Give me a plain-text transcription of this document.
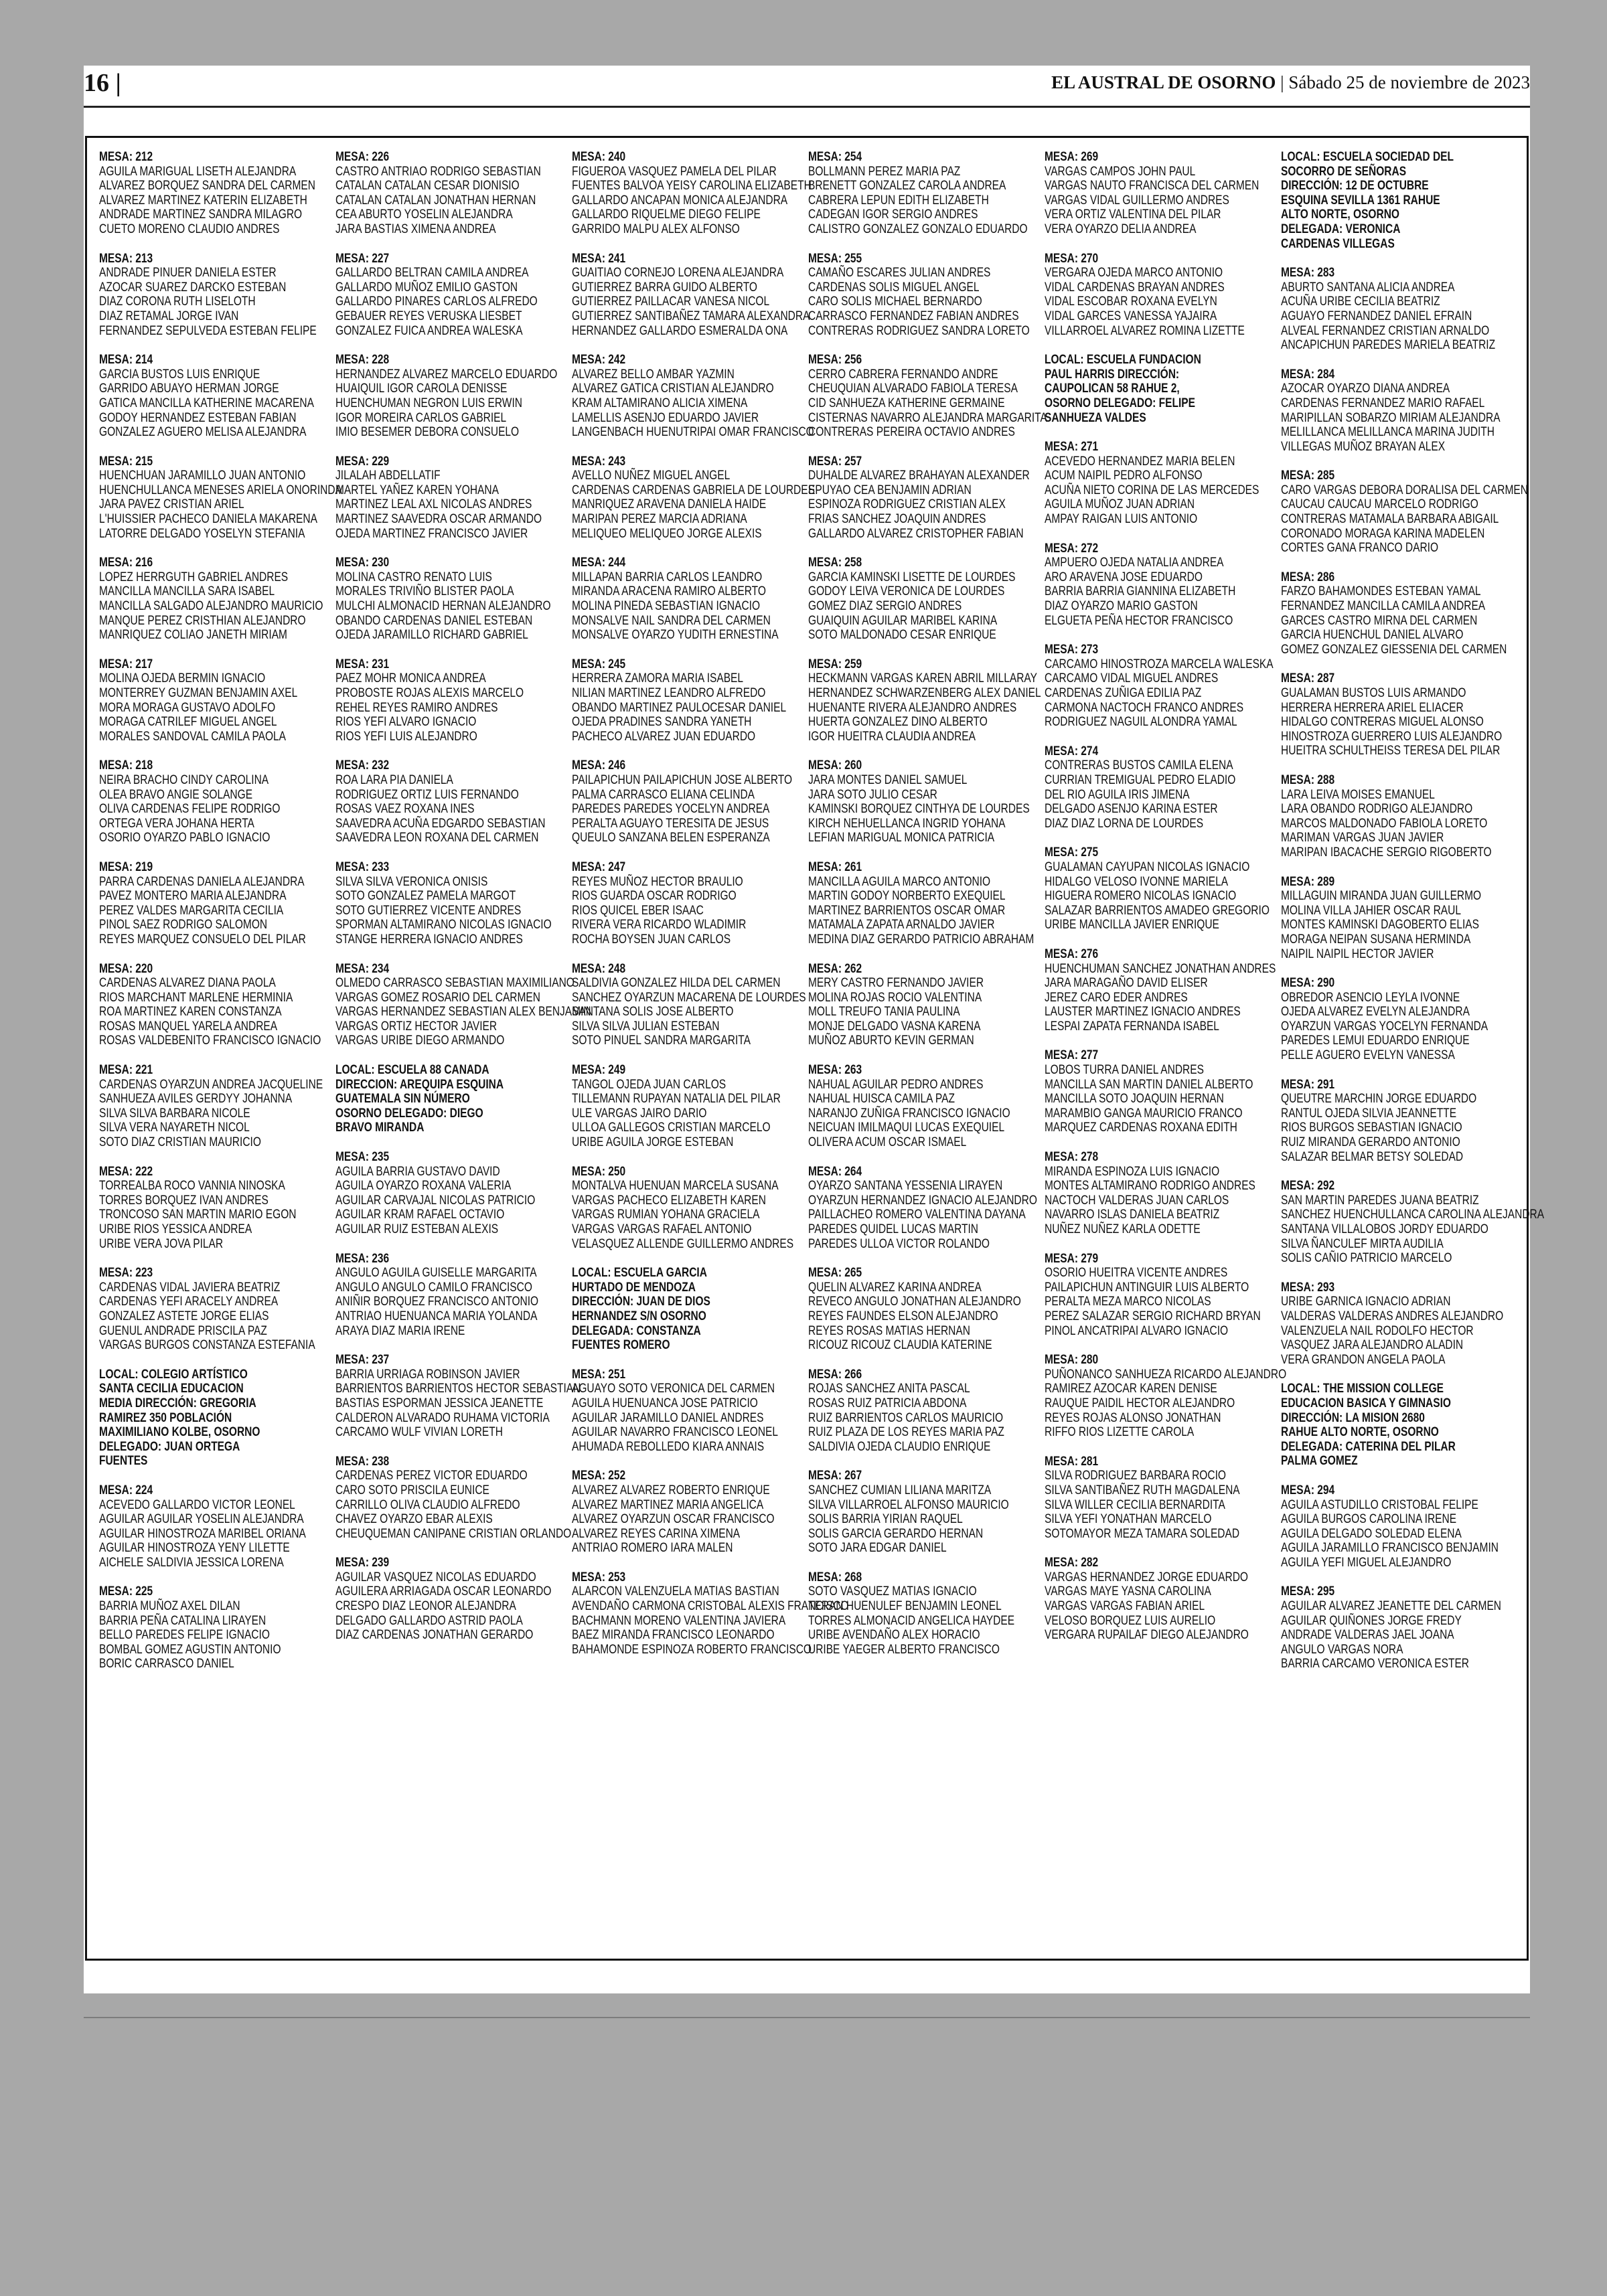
16 |	EL AUSTRAL DE OSORNO | Sábado 25 de noviembre de 2023
MESA: 212
AGUILA MARIGUAL LISETH ALEJANDRA
ALVAREZ BORQUEZ SANDRA DEL CARMEN
ALVAREZ MARTINEZ KATERIN ELIZABETH
ANDRADE MARTINEZ SANDRA MILAGRO
CUETO MORENO CLAUDIO ANDRES
MESA: 213
ANDRADE PINUER DANIELA ESTER
AZOCAR SUAREZ DARCKO ESTEBAN
DIAZ CORONA RUTH LISELOTH
DIAZ RETAMAL JORGE IVAN
FERNANDEZ SEPULVEDA ESTEBAN FELIPE
MESA: 214
GARCIA BUSTOS LUIS ENRIQUE
GARRIDO ABUAYO HERMAN JORGE
GATICA MANCILLA KATHERINE MACARENA
GODOY HERNANDEZ ESTEBAN FABIAN
GONZALEZ AGUERO MELISA ALEJANDRA
MESA: 215
HUENCHUAN JARAMILLO JUAN ANTONIO
HUENCHULLANCA MENESES ARIELA ONORINDA
JARA PAVEZ CRISTIAN ARIEL
L'HUISSIER PACHECO DANIELA MAKARENA
LATORRE DELGADO YOSELYN STEFANIA
MESA: 216
LOPEZ HERRGUTH GABRIEL ANDRES
MANCILLA MANCILLA SARA ISABEL
MANCILLA SALGADO ALEJANDRO MAURICIO
MANQUE PEREZ CRISTHIAN ALEJANDRO
MANRIQUEZ COLIAO JANETH MIRIAM
MESA: 217
MOLINA OJEDA BERMIN IGNACIO
MONTERREY GUZMAN BENJAMIN AXEL
MORA MORAGA GUSTAVO ADOLFO
MORAGA CATRILEF MIGUEL ANGEL
MORALES SANDOVAL CAMILA PAOLA
MESA: 218
NEIRA BRACHO CINDY CAROLINA
OLEA BRAVO ANGIE SOLANGE
OLIVA CARDENAS FELIPE RODRIGO
ORTEGA VERA JOHANA HERTA
OSORIO OYARZO PABLO IGNACIO
MESA: 219
PARRA CARDENAS DANIELA ALEJANDRA
PAVEZ MONTERO MARIA ALEJANDRA
PEREZ VALDES MARGARITA CECILIA
PINOL SAEZ RODRIGO SALOMON
REYES MARQUEZ CONSUELO DEL PILAR
MESA: 220
CARDENAS ALVAREZ DIANA PAOLA
RIOS MARCHANT MARLENE HERMINIA
ROA MARTINEZ KAREN CONSTANZA
ROSAS MANQUEL YARELA ANDREA
ROSAS VALDEBENITO FRANCISCO IGNACIO
MESA: 221
CARDENAS OYARZUN ANDREA JACQUELINE
SANHUEZA AVILES GERDYY JOHANNA
SILVA SILVA BARBARA NICOLE
SILVA VERA NAYARETH NICOL
SOTO DIAZ CRISTIAN MAURICIO
MESA: 222
TORREALBA ROCO VANNIA NINOSKA
TORRES BORQUEZ IVAN ANDRES
TRONCOSO SAN MARTIN MARIO EGON
URIBE RIOS YESSICA ANDREA
URIBE VERA JOVA PILAR
MESA: 223
CARDENAS VIDAL JAVIERA BEATRIZ
CARDENAS YEFI ARACELY ANDREA
GONZALEZ ASTETE JORGE ELIAS
GUENUL ANDRADE PRISCILA PAZ
VARGAS BURGOS CONSTANZA ESTEFANIA
LOCAL: COLEGIO ARTÍSTICO SANTA CECILIA EDUCACION MEDIA DIRECCIÓN: GREGORIA RAMIREZ 350 POBLACIÓN MAXIMILIANO KOLBE, OSORNO DELEGADO: JUAN ORTEGA FUENTES
MESA: 224
ACEVEDO GALLARDO VICTOR LEONEL
AGUILAR AGUILAR YOSELIN ALEJANDRA
AGUILAR HINOSTROZA MARIBEL ORIANA
AGUILAR HINOSTROZA YENY LILETTE
AICHELE SALDIVIA JESSICA LORENA
MESA: 225
BARRIA MUÑOZ AXEL DILAN
BARRIA PEÑA CATALINA LIRAYEN
BELLO PAREDES FELIPE IGNACIO
BOMBAL GOMEZ AGUSTIN ANTONIO
BORIC CARRASCO DANIEL
MESA: 226
CASTRO ANTRIAO RODRIGO SEBASTIAN
CATALAN CATALAN CESAR DIONISIO
CATALAN CATALAN JONATHAN HERNAN
CEA ABURTO YOSELIN ALEJANDRA
JARA BASTIAS XIMENA ANDREA
MESA: 227
GALLARDO BELTRAN CAMILA ANDREA
GALLARDO MUÑOZ EMILIO GASTON
GALLARDO PINARES CARLOS ALFREDO
GEBAUER REYES VERUSKA LIESBET
GONZALEZ FUICA ANDREA WALESKA
MESA: 228
HERNANDEZ ALVAREZ MARCELO EDUARDO
HUAIQUIL IGOR CAROLA DENISSE
HUENCHUMAN NEGRON LUIS ERWIN
IGOR MOREIRA CARLOS GABRIEL
IMIO BESEMER DEBORA CONSUELO
MESA: 229
JILALAH ABDELLATIF
MARTEL YAÑEZ KAREN YOHANA
MARTINEZ LEAL AXL NICOLAS ANDRES
MARTINEZ SAAVEDRA OSCAR ARMANDO
OJEDA MARTINEZ FRANCISCO JAVIER
MESA: 230
MOLINA CASTRO RENATO LUIS
MORALES TRIVIÑO BLISTER PAOLA
MULCHI ALMONACID HERNAN ALEJANDRO
OBANDO CARDENAS DANIEL ESTEBAN
OJEDA JARAMILLO RICHARD GABRIEL
MESA: 231
PAEZ MOHR MONICA ANDREA
PROBOSTE ROJAS ALEXIS MARCELO
REHEL REYES RAMIRO ANDRES
RIOS YEFI ALVARO IGNACIO
RIOS YEFI LUIS ALEJANDRO
MESA: 232
ROA LARA PIA DANIELA
RODRIGUEZ ORTIZ LUIS FERNANDO
ROSAS VAEZ ROXANA INES
SAAVEDRA ACUÑA EDGARDO SEBASTIAN
SAAVEDRA LEON ROXANA DEL CARMEN
MESA: 233
SILVA SILVA VERONICA ONISIS
SOTO GONZALEZ PAMELA MARGOT
SOTO GUTIERREZ VICENTE ANDRES
SPORMAN ALTAMIRANO NICOLAS IGNACIO
STANGE HERRERA IGNACIO ANDRES
MESA: 234
OLMEDO CARRASCO SEBASTIAN MAXIMILIANO
VARGAS GOMEZ ROSARIO DEL CARMEN
VARGAS HERNANDEZ SEBASTIAN ALEX BENJAMIN
VARGAS ORTIZ HECTOR JAVIER
VARGAS URIBE DIEGO ARMANDO
LOCAL: ESCUELA 88 CANADA DIRECCION: AREQUIPA ESQUINA GUATEMALA SIN NÚMERO OSORNO DELEGADO: DIEGO BRAVO MIRANDA
MESA: 235
AGUILA BARRIA GUSTAVO DAVID
AGUILA OYARZO ROXANA VALERIA
AGUILAR CARVAJAL NICOLAS PATRICIO
AGUILAR KRAM RAFAEL OCTAVIO
AGUILAR RUIZ ESTEBAN ALEXIS
MESA: 236
ANGULO AGUILA GUISELLE MARGARITA
ANGULO ANGULO CAMILO FRANCISCO
ANIÑIR BORQUEZ FRANCISCO ANTONIO
ANTRIAO HUENUANCA MARIA YOLANDA
ARAYA DIAZ MARIA IRENE
MESA: 237
BARRIA URRIAGA ROBINSON JAVIER
BARRIENTOS BARRIENTOS HECTOR SEBASTIAN
BASTIAS ESPORMAN JESSICA JEANETTE
CALDERON ALVARADO RUHAMA VICTORIA
CARCAMO WULF VIVIAN LORETH
MESA: 238
CARDENAS PEREZ VICTOR EDUARDO
CARO SOTO PRISCILA EUNICE
CARRILLO OLIVA CLAUDIO ALFREDO
CHAVEZ OYARZO EBAR ALEXIS
CHEUQUEMAN CANIPANE CRISTIAN ORLANDO
MESA: 239
AGUILAR VASQUEZ NICOLAS EDUARDO
AGUILERA ARRIAGADA OSCAR LEONARDO
CRESPO DIAZ LEONOR ALEJANDRA
DELGADO GALLARDO ASTRID PAOLA
DIAZ CARDENAS JONATHAN GERARDO
MESA: 240
FIGUEROA VASQUEZ PAMELA DEL PILAR
FUENTES BALVOA YEISY CAROLINA ELIZABETH
GALLARDO ANCAPAN MONICA ALEJANDRA
GALLARDO RIQUELME DIEGO FELIPE
GARRIDO MALPU ALEX ALFONSO
MESA: 241
GUAITIAO CORNEJO LORENA ALEJANDRA
GUTIERREZ BARRA GUIDO ALBERTO
GUTIERREZ PAILLACAR VANESA NICOL
GUTIERREZ SANTIBAÑEZ TAMARA ALEXANDRA
HERNANDEZ GALLARDO ESMERALDA ONA
MESA: 242
ALVAREZ BELLO AMBAR YAZMIN
ALVAREZ GATICA CRISTIAN ALEJANDRO
KRAM ALTAMIRANO ALICIA XIMENA
LAMELLIS ASENJO EDUARDO JAVIER
LANGENBACH HUENUTRIPAI OMAR FRANCISCO
MESA: 243
AVELLO NUÑEZ MIGUEL ANGEL
CARDENAS CARDENAS GABRIELA DE LOURDES
MANRIQUEZ ARAVENA DANIELA HAIDE
MARIPAN PEREZ MARCIA ADRIANA
MELIQUEO MELIQUEO JORGE ALEXIS
MESA: 244
MILLAPAN BARRIA CARLOS LEANDRO
MIRANDA ARACENA RAMIRO ALBERTO
MOLINA PINEDA SEBASTIAN IGNACIO
MONSALVE NAIL SANDRA DEL CARMEN
MONSALVE OYARZO YUDITH ERNESTINA
MESA: 245
HERRERA ZAMORA MARIA ISABEL
NILIAN MARTINEZ LEANDRO ALFREDO
OBANDO MARTINEZ PAULOCESAR DANIEL
OJEDA PRADINES SANDRA YANETH
PACHECO ALVAREZ JUAN EDUARDO
MESA: 246
PAILAPICHUN PAILAPICHUN JOSE ALBERTO
PALMA CARRASCO ELIANA CELINDA
PAREDES PAREDES YOCELYN ANDREA
PERALTA AGUAYO TERESITA DE JESUS
QUEULO SANZANA BELEN ESPERANZA
MESA: 247
REYES MUÑOZ HECTOR BRAULIO
RIOS GUARDA OSCAR RODRIGO
RIOS QUICEL EBER ISAAC
RIVERA VERA RICARDO WLADIMIR
ROCHA BOYSEN JUAN CARLOS
MESA: 248
SALDIVIA GONZALEZ HILDA DEL CARMEN
SANCHEZ OYARZUN MACARENA DE LOURDES
SANTANA SOLIS JOSE ALBERTO
SILVA SILVA JULIAN ESTEBAN
SOTO PINUEL SANDRA MARGARITA
MESA: 249
TANGOL OJEDA JUAN CARLOS
TILLEMANN RUPAYAN NATALIA DEL PILAR
ULE VARGAS JAIRO DARIO
ULLOA GALLEGOS CRISTIAN MARCELO
URIBE AGUILA JORGE ESTEBAN
MESA: 250
MONTALVA HUENUAN MARCELA SUSANA
VARGAS PACHECO ELIZABETH KAREN
VARGAS RUMIAN YOHANA GRACIELA
VARGAS VARGAS RAFAEL ANTONIO
VELASQUEZ ALLENDE GUILLERMO ANDRES
LOCAL: ESCUELA GARCIA HURTADO DE MENDOZA DIRECCIÓN: JUAN DE DIOS HERNANDEZ S/N OSORNO DELEGADA: CONSTANZA FUENTES ROMERO
MESA: 251
AGUAYO SOTO VERONICA DEL CARMEN
AGUILA HUENUANCA JOSE PATRICIO
AGUILAR JARAMILLO DANIEL ANDRES
AGUILAR NAVARRO FRANCISCO LEONEL
AHUMADA REBOLLEDO KIARA ANNAIS
MESA: 252
ALVAREZ ALVAREZ ROBERTO ENRIQUE
ALVAREZ MARTINEZ MARIA ANGELICA
ALVAREZ OYARZUN OSCAR FRANCISCO
ALVAREZ REYES CARINA XIMENA
ANTRIAO ROMERO IARA MALEN
MESA: 253
ALARCON VALENZUELA MATIAS BASTIAN
AVENDAÑO CARMONA CRISTOBAL ALEXIS FRANCISCO
BACHMANN MORENO VALENTINA JAVIERA
BAEZ MIRANDA FRANCISCO LEONARDO
BAHAMONDE ESPINOZA ROBERTO FRANCISCO
MESA: 254
BOLLMANN PEREZ MARIA PAZ
BRENETT GONZALEZ CAROLA ANDREA
CABRERA LEPUN EDITH ELIZABETH
CADEGAN IGOR SERGIO ANDRES
CALISTRO GONZALEZ GONZALO EDUARDO
MESA: 255
CAMAÑO ESCARES JULIAN ANDRES
CARDENAS SOLIS MIGUEL ANGEL
CARO SOLIS MICHAEL BERNARDO
CARRASCO FERNANDEZ FABIAN ANDRES
CONTRERAS RODRIGUEZ SANDRA LORETO
MESA: 256
CERRO CABRERA FERNANDO ANDRE
CHEUQUIAN ALVARADO FABIOLA TERESA
CID SANHUEZA KATHERINE GERMAINE
CISTERNAS NAVARRO ALEJANDRA MARGARITA
CONTRERAS PEREIRA OCTAVIO ANDRES
MESA: 257
DUHALDE ALVAREZ BRAHAYAN ALEXANDER
EPUYAO CEA BENJAMIN ADRIAN
ESPINOZA RODRIGUEZ CRISTIAN ALEX
FRIAS SANCHEZ JOAQUIN ANDRES
GALLARDO ALVAREZ CRISTOPHER FABIAN
MESA: 258
GARCIA KAMINSKI LISETTE DE LOURDES
GODOY LEIVA VERONICA DE LOURDES
GOMEZ DIAZ SERGIO ANDRES
GUAIQUIN AGUILAR MARIBEL KARINA
SOTO MALDONADO CESAR ENRIQUE
MESA: 259
HECKMANN VARGAS KAREN ABRIL MILLARAY
HERNANDEZ SCHWARZENBERG ALEX DANIEL
HUENANTE RIVERA ALEJANDRO ANDRES
HUERTA GONZALEZ DINO ALBERTO
IGOR HUEITRA CLAUDIA ANDREA
MESA: 260
JARA MONTES DANIEL SAMUEL
JARA SOTO JULIO CESAR
KAMINSKI BORQUEZ CINTHYA DE LOURDES
KIRCH NEHUELLANCA INGRID YOHANA
LEFIAN MARIGUAL MONICA PATRICIA
MESA: 261
MANCILLA AGUILA MARCO ANTONIO
MARTIN GODOY NORBERTO EXEQUIEL
MARTINEZ BARRIENTOS OSCAR OMAR
MATAMALA ZAPATA ARNALDO JAVIER
MEDINA DIAZ GERARDO PATRICIO ABRAHAM
MESA: 262
MERY CASTRO FERNANDO JAVIER
MOLINA ROJAS ROCIO VALENTINA
MOLL TREUFO TANIA PAULINA
MONJE DELGADO VASNA KARENA
MUÑOZ ABURTO KEVIN GERMAN
MESA: 263
NAHUAL AGUILAR PEDRO ANDRES
NAHUAL HUISCA CAMILA PAZ
NARANJO ZUÑIGA FRANCISCO IGNACIO
NEICUAN IMILMAQUI LUCAS EXEQUIEL
OLIVERA ACUM OSCAR ISMAEL
MESA: 264
OYARZO SANTANA YESSENIA LIRAYEN
OYARZUN HERNANDEZ IGNACIO ALEJANDRO
PAILLACHEO ROMERO VALENTINA DAYANA
PAREDES QUIDEL LUCAS MARTIN
PAREDES ULLOA VICTOR ROLANDO
MESA: 265
QUELIN ALVAREZ KARINA ANDREA
REVECO ANGULO JONATHAN ALEJANDRO
REYES FAUNDES ELSON ALEJANDRO
REYES ROSAS MATIAS HERNAN
RICOUZ RICOUZ CLAUDIA KATERINE
MESA: 266
ROJAS SANCHEZ ANITA PASCAL
ROSAS RUIZ PATRICIA ABDONA
RUIZ BARRIENTOS CARLOS MAURICIO
RUIZ PLAZA DE LOS REYES MARIA PAZ
SALDIVIA OJEDA CLAUDIO ENRIQUE
MESA: 267
SANCHEZ CUMIAN LILIANA MARITZA
SILVA VILLARROEL ALFONSO MAURICIO
SOLIS BARRIA YIRIAN RAQUEL
SOLIS GARCIA GERARDO HERNAN
SOTO JARA EDGAR DANIEL
MESA: 268
SOTO VASQUEZ MATIAS IGNACIO
TERAN HUENULEF BENJAMIN LEONEL
TORRES ALMONACID ANGELICA HAYDEE
URIBE AVENDAÑO ALEX HORACIO
URIBE YAEGER ALBERTO FRANCISCO
MESA: 269
VARGAS CAMPOS JOHN PAUL
VARGAS NAUTO FRANCISCA DEL CARMEN
VARGAS VIDAL GUILLERMO ANDRES
VERA ORTIZ VALENTINA DEL PILAR
VERA OYARZO DELIA ANDREA
MESA: 270
VERGARA OJEDA MARCO ANTONIO
VIDAL CARDENAS BRAYAN ANDRES
VIDAL ESCOBAR ROXANA EVELYN
VIDAL GARCES VANESSA YAJAIRA
VILLARROEL ALVAREZ ROMINA LIZETTE
LOCAL: ESCUELA FUNDACION PAUL HARRIS DIRECCIÓN: CAUPOLICAN 58 RAHUE 2, OSORNO DELEGADO: FELIPE SANHUEZA VALDES
MESA: 271
ACEVEDO HERNANDEZ MARIA BELEN
ACUM NAIPIL PEDRO ALFONSO
ACUÑA NIETO CORINA DE LAS MERCEDES
AGUILA MUÑOZ JUAN ADRIAN
AMPAY RAIGAN LUIS ANTONIO
MESA: 272
AMPUERO OJEDA NATALIA ANDREA
ARO ARAVENA JOSE EDUARDO
BARRIA BARRIA GIANNINA ELIZABETH
DIAZ OYARZO MARIO GASTON
ELGUETA PEÑA HECTOR FRANCISCO
MESA: 273
CARCAMO HINOSTROZA MARCELA WALESKA
CARCAMO VIDAL MIGUEL ANDRES
CARDENAS ZUÑIGA EDILIA PAZ
CARMONA NACTOCH FRANCO ANDRES
RODRIGUEZ NAGUIL ALONDRA YAMAL
MESA: 274
CONTRERAS BUSTOS CAMILA ELENA
CURRIAN TREMIGUAL PEDRO ELADIO
DEL RIO AGUILA IRIS JIMENA
DELGADO ASENJO KARINA ESTER
DIAZ DIAZ LORNA DE LOURDES
MESA: 275
GUALAMAN CAYUPAN NICOLAS IGNACIO
HIDALGO VELOSO IVONNE MARIELA
HIGUERA ROMERO NICOLAS IGNACIO
SALAZAR BARRIENTOS AMADEO GREGORIO
URIBE MANCILLA JAVIER ENRIQUE
MESA: 276
HUENCHUMAN SANCHEZ JONATHAN ANDRES
JARA MARAGAÑO DAVID ELISER
JEREZ CARO EDER ANDRES
LAUSTER MARTINEZ IGNACIO ANDRES
LESPAI ZAPATA FERNANDA ISABEL
MESA: 277
LOBOS TURRA DANIEL ANDRES
MANCILLA SAN MARTIN DANIEL ALBERTO
MANCILLA SOTO JOAQUIN HERNAN
MARAMBIO GANGA MAURICIO FRANCO
MARQUEZ CARDENAS ROXANA EDITH
MESA: 278
MIRANDA ESPINOZA LUIS IGNACIO
MONTES ALTAMIRANO RODRIGO ANDRES
NACTOCH VALDERAS JUAN CARLOS
NAVARRO ISLAS DANIELA BEATRIZ
NUÑEZ NUÑEZ KARLA ODETTE
MESA: 279
OSORIO HUEITRA VICENTE ANDRES
PAILAPICHUN ANTINGUIR LUIS ALBERTO
PERALTA MEZA MARCO NICOLAS
PEREZ SALAZAR SERGIO RICHARD BRYAN
PINOL ANCATRIPAI ALVARO IGNACIO
MESA: 280
PUÑONANCO SANHUEZA RICARDO ALEJANDRO
RAMIREZ AZOCAR KAREN DENISE
RAUQUE PAIDIL HECTOR ALEJANDRO
REYES ROJAS ALONSO JONATHAN
RIFFO RIOS LIZETTE CAROLA
MESA: 281
SILVA RODRIGUEZ BARBARA ROCIO
SILVA SANTIBAÑEZ RUTH MAGDALENA
SILVA WILLER CECILIA BERNARDITA
SILVA YEFI YONATHAN MARCELO
SOTOMAYOR MEZA TAMARA SOLEDAD
MESA: 282
VARGAS HERNANDEZ JORGE EDUARDO
VARGAS MAYE YASNA CAROLINA
VARGAS VARGAS FABIAN ARIEL
VELOSO BORQUEZ LUIS AURELIO
VERGARA RUPAILAF DIEGO ALEJANDRO
LOCAL: ESCUELA SOCIEDAD DEL SOCORRO DE SEÑORAS DIRECCIÓN: 12 DE OCTUBRE ESQUINA SEVILLA 1361 RAHUE ALTO NORTE, OSORNO DELEGADA: VERONICA CARDENAS VILLEGAS
MESA: 283
ABURTO SANTANA ALICIA ANDREA
ACUÑA URIBE CECILIA BEATRIZ
AGUAYO FERNANDEZ DANIEL EFRAIN
ALVEAL FERNANDEZ CRISTIAN ARNALDO
ANCAPICHUN PAREDES MARIELA BEATRIZ
MESA: 284
AZOCAR OYARZO DIANA ANDREA
CARDENAS FERNANDEZ MARIO RAFAEL
MARIPILLAN SOBARZO MIRIAM ALEJANDRA
MELILLANCA MELILLANCA MARINA JUDITH
VILLEGAS MUÑOZ BRAYAN ALEX
MESA: 285
CARO VARGAS DEBORA DORALISA DEL CARMEN
CAUCAU CAUCAU MARCELO RODRIGO
CONTRERAS MATAMALA BARBARA ABIGAIL
CORONADO MORAGA KARINA MADELEN
CORTES GANA FRANCO DARIO
MESA: 286
FARZO BAHAMONDES ESTEBAN YAMAL
FERNANDEZ MANCILLA CAMILA ANDREA
GARCES CASTRO MIRNA DEL CARMEN
GARCIA HUENCHUL DANIEL ALVARO
GOMEZ GONZALEZ GIESSENIA DEL CARMEN
MESA: 287
GUALAMAN BUSTOS LUIS ARMANDO
HERRERA HERRERA ARIEL ELIACER
HIDALGO CONTRERAS MIGUEL ALONSO
HINOSTROZA GUERRERO LUIS ALEJANDRO
HUEITRA SCHULTHEISS TERESA DEL PILAR
MESA: 288
LARA LEIVA MOISES EMANUEL
LARA OBANDO RODRIGO ALEJANDRO
MARCOS MALDONADO FABIOLA LORETO
MARIMAN VARGAS JUAN JAVIER
MARIPAN IBACACHE SERGIO RIGOBERTO
MESA: 289
MILLAGUIN MIRANDA JUAN GUILLERMO
MOLINA VILLA JAHIER OSCAR RAUL
MONTES KAMINSKI DAGOBERTO ELIAS
MORAGA NEIPAN SUSANA HERMINDA
NAIPIL NAIPIL HECTOR JAVIER
MESA: 290
OBREDOR ASENCIO LEYLA IVONNE
OJEDA ALVAREZ EVELYN ALEJANDRA
OYARZUN VARGAS YOCELYN FERNANDA
PAREDES LEMUI EDUARDO ENRIQUE
PELLE AGUERO EVELYN VANESSA
MESA: 291
QUEUTRE MARCHIN JORGE EDUARDO
RANTUL OJEDA SILVIA JEANNETTE
RIOS BURGOS SEBASTIAN IGNACIO
RUIZ MIRANDA GERARDO ANTONIO
SALAZAR BELMAR BETSY SOLEDAD
MESA: 292
SAN MARTIN PAREDES JUANA BEATRIZ
SANCHEZ HUENCHULLANCA CAROLINA ALEJANDRA
SANTANA VILLALOBOS JORDY EDUARDO
SILVA ÑANCULEF MIRTA AUDILIA
SOLIS CAÑIO PATRICIO MARCELO
MESA: 293
URIBE GARNICA IGNACIO ADRIAN
VALDERAS VALDERAS ANDRES ALEJANDRO
VALENZUELA NAIL RODOLFO HECTOR
VASQUEZ JARA ALEJANDRO ALADIN
VERA GRANDON ANGELA PAOLA
LOCAL: THE MISSION COLLEGE EDUCACION BASICA Y GIMNASIO DIRECCIÓN: LA MISION 2680 RAHUE ALTO NORTE, OSORNO DELEGADA: CATERINA DEL PILAR PALMA GOMEZ
MESA: 294
AGUILA ASTUDILLO CRISTOBAL FELIPE
AGUILA BURGOS CAROLINA IRENE
AGUILA DELGADO SOLEDAD ELENA
AGUILA JARAMILLO FRANCISCO BENJAMIN
AGUILA YEFI MIGUEL ALEJANDRO
MESA: 295
AGUILAR ALVAREZ JEANETTE DEL CARMEN
AGUILAR QUIÑONES JORGE FREDY
ANDRADE VALDERAS JAEL JOANA
ANGULO VARGAS NORA
BARRIA CARCAMO VERONICA ESTER
